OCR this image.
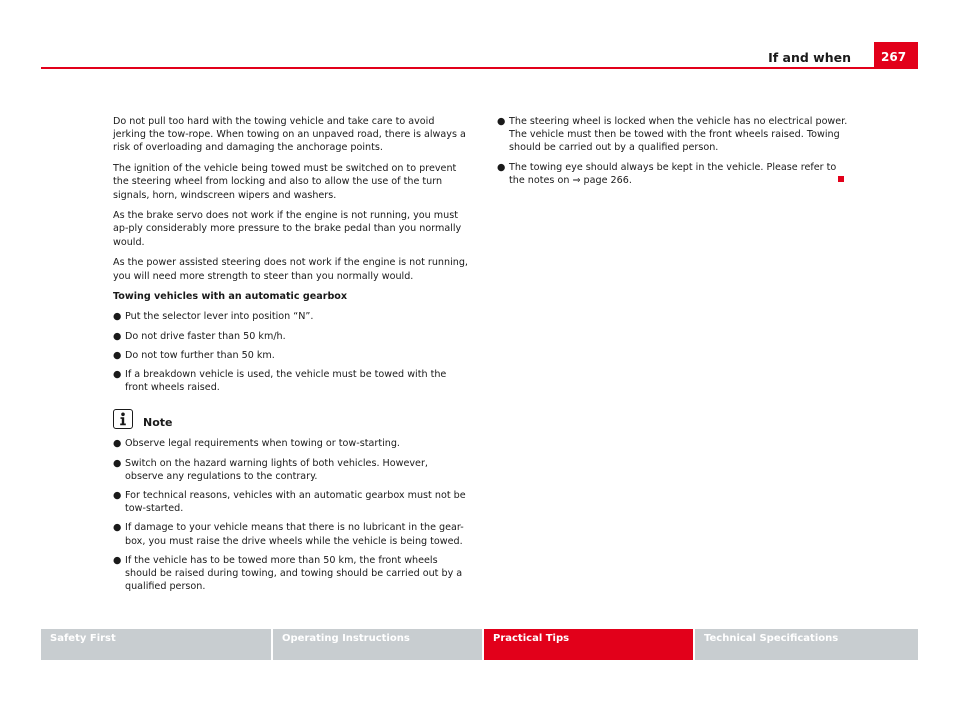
If and when	267

Do not pull too hard with the towing vehicle and take care to avoid jerking the tow-rope. When towing on an unpaved road, there is always a risk of overloading and damaging the anchorage points.

The ignition of the vehicle being towed must be switched on to prevent the steering wheel from locking and also to allow the use of the turn signals, horn, windscreen wipers and washers.

As the brake servo does not work if the engine is not running, you must ap-ply considerably more pressure to the brake pedal than you normally would.

As the power assisted steering does not work if the engine is not running, you will need more strength to steer than you normally would.

Towing vehicles with an automatic gearbox
● Put the selector lever into position “N”.
● Do not drive faster than 50 km/h.
● Do not tow further than 50 km.
● If a breakdown vehicle is used, the vehicle must be towed with the front wheels raised.
Note
● Observe legal requirements when towing or tow-starting.
● Switch on the hazard warning lights of both vehicles. However, observe any regulations to the contrary.
● For technical reasons, vehicles with an automatic gearbox must not be tow-started.
● If damage to your vehicle means that there is no lubricant in the gear-box, you must raise the drive wheels while the vehicle is being towed.
● If the vehicle has to be towed more than 50 km, the front wheels should be raised during towing, and towing should be carried out by a qualified person.
● The steering wheel is locked when the vehicle has no electrical power. The vehicle must then be towed with the front wheels raised. Towing should be carried out by a qualified person.
● The towing eye should always be kept in the vehicle. Please refer to the notes on ⇒ page 266.
Safety First	Operating Instructions	Practical Tips	Technical Specifications
